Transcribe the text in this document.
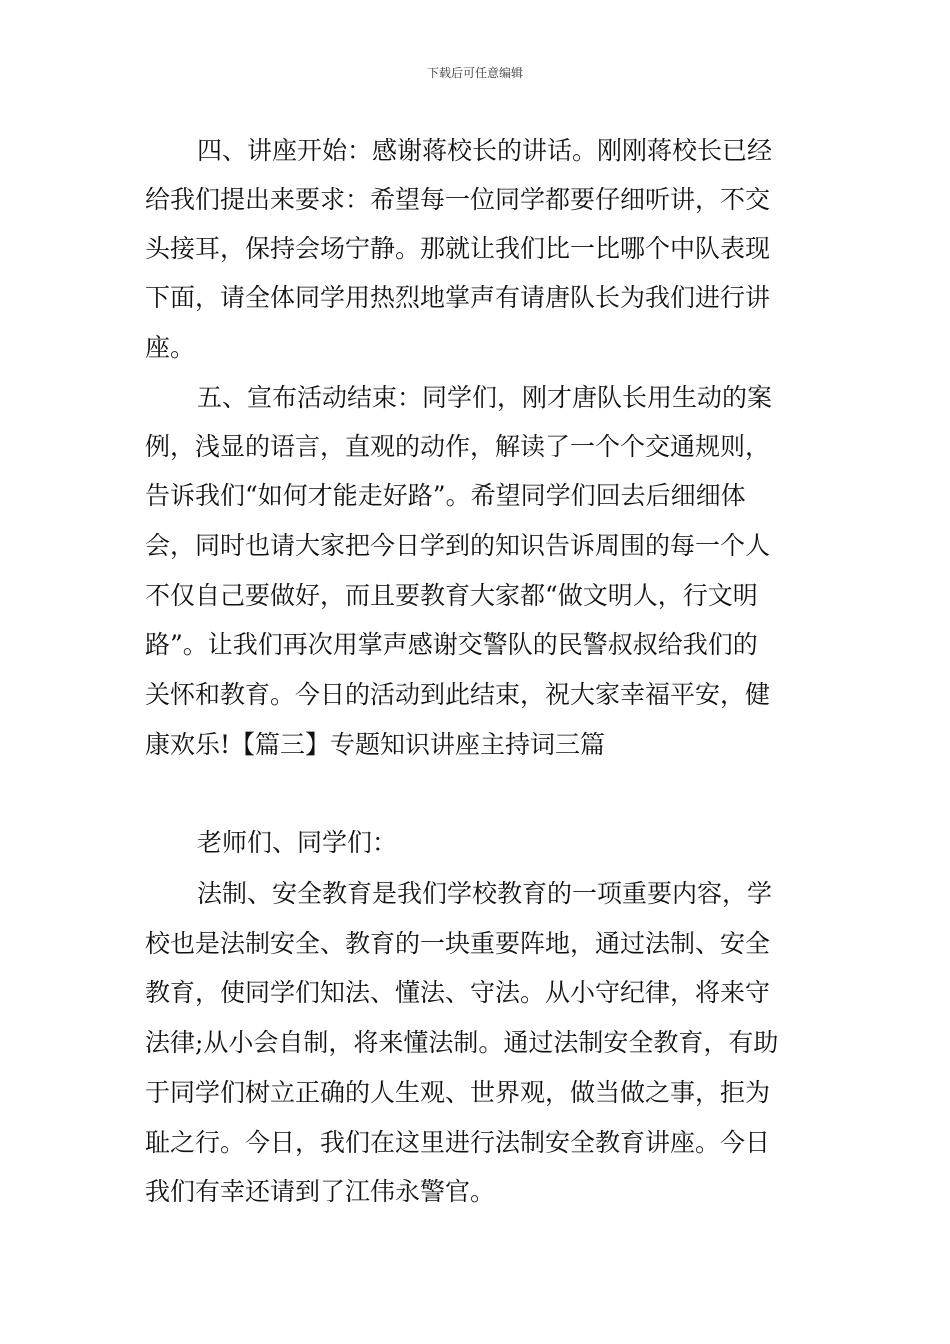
下载后可任意编辑
四、讲座开始：感谢蒋校长的讲话。刚刚蒋校长已经
给我们提出来要求：希望每一位同学都要仔细听讲，不交
头接耳，保持会场宁静。那就让我们比一比哪个中队表现
下面，请全体同学用热烈地掌声有请唐队长为我们进行讲
座。
五、宣布活动结束：同学们，刚才唐队长用生动的案
例，浅显的语言，直观的动作，解读了一个个交通规则，
告诉我们“如何才能走好路”。希望同学们回去后细细体
会，同时也请大家把今日学到的知识告诉周围的每一个人
不仅自己要做好，而且要教育大家都“做文明人，行文明
路”。让我们再次用掌声感谢交警队的民警叔叔给我们的
关怀和教育。今日的活动到此结束，祝大家幸福平安，健
康欢乐!【篇三】专题知识讲座主持词三篇
老师们、同学们：
法制、安全教育是我们学校教育的一项重要内容，学
校也是法制安全、教育的一块重要阵地，通过法制、安全
教育，使同学们知法、懂法、守法。从小守纪律，将来守
法律;从小会自制，将来懂法制。通过法制安全教育，有助
于同学们树立正确的人生观、世界观，做当做之事，拒为
耻之行。今日，我们在这里进行法制安全教育讲座。今日
我们有幸还请到了江伟永警官。
